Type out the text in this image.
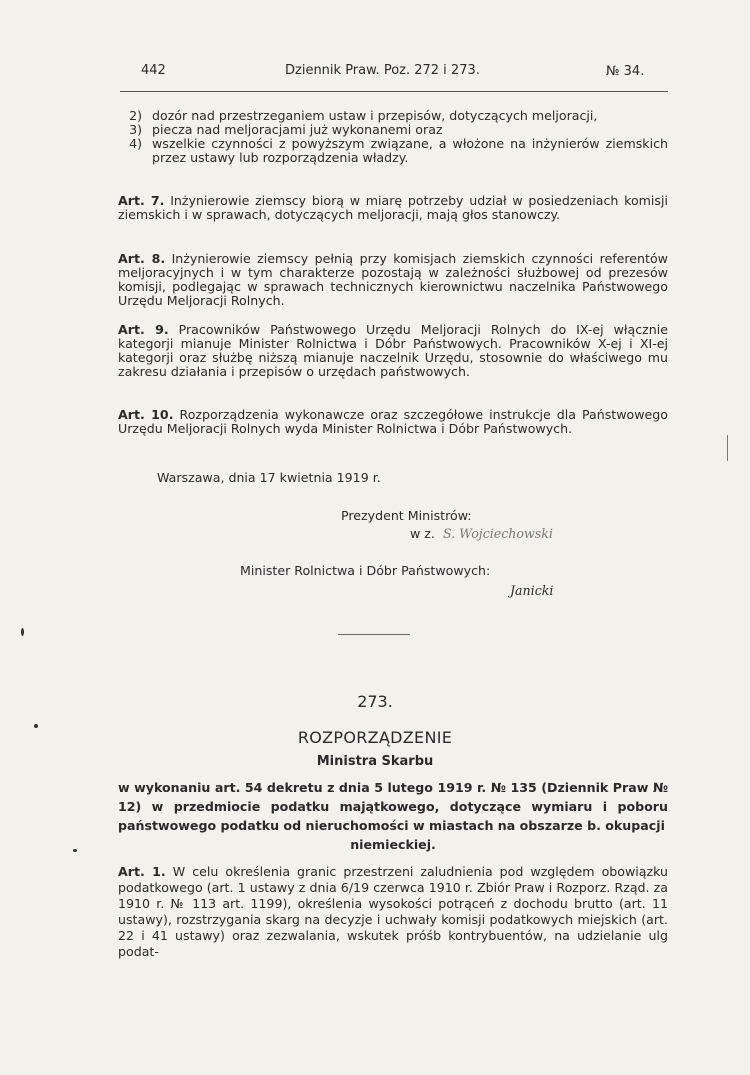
442	Dziennik Praw. Poz. 272 i 273.	№ 34.
2) dozór nad przestrzeganiem ustaw i przepisów, dotyczących meljoracji,
3) piecza nad meljoracjami już wykonanemi oraz
4) wszelkie czynności z powyższym związane, a włożone na inżynierów ziemskich przez ustawy lub rozporządzenia władzy.

Art. 7. Inżynierowie ziemscy biorą w miarę potrzeby udział w posiedzeniach komisji ziemskich i w sprawach, dotyczących meljoracji, mają głos stanowczy.

Art. 8. Inżynierowie ziemscy pełnią przy komisjach ziemskich czynności referentów meljoracyjnych i w tym charakterze pozostają w zależności służbowej od prezesów komisji, podlegając w sprawach technicznych kierownictwu naczelnika Państwowego Urzędu Meljoracji Rolnych.

Art. 9. Pracowników Państwowego Urzędu Meljoracji Rolnych do IX-ej włącznie kategorji mianuje Minister Rolnictwa i Dóbr Państwowych. Pracowników X-ej i XI-ej kategorji oraz służbę niższą mianuje naczelnik Urzędu, stosownie do właściwego mu zakresu działania i przepisów o urzędach państwowych.

Art. 10. Rozporządzenia wykonawcze oraz szczegółowe instrukcje dla Państwowego Urzędu Meljoracji Rolnych wyda Minister Rolnictwa i Dóbr Państwowych.

Warszawa, dnia 17 kwietnia 1919 r.
Prezydent Ministrów:
w z. S. Wojciechowski
Minister Rolnictwa i Dóbr Państwowych:
Janicki
273.
ROZPORZĄDZENIE
Ministra Skarbu
w wykonaniu art. 54 dekretu z dnia 5 lutego 1919 r. № 135 (Dziennik Praw № 12) w przedmiocie podatku majątkowego, dotyczące wymiaru i poboru państwowego podatku od nieruchomości w miastach na obszarze b. okupacji
niemieckiej.

Art. 1. W celu określenia granic przestrzeni zaludnienia pod względem obowiązku podatkowego (art. 1 ustawy z dnia 6/19 czerwca 1910 r. Zbiór Praw i Rozporz. Rząd. za 1910 r. № 113 art. 1199), określenia wysokości potrąceń z dochodu brutto (art. 11 ustawy), rozstrzygania skarg na decyzje i uchwały komisji podatkowych miejskich (art. 22 i 41 ustawy) oraz zezwalania, wskutek próśb kontrybuentów, na udzielanie ulg podat-
